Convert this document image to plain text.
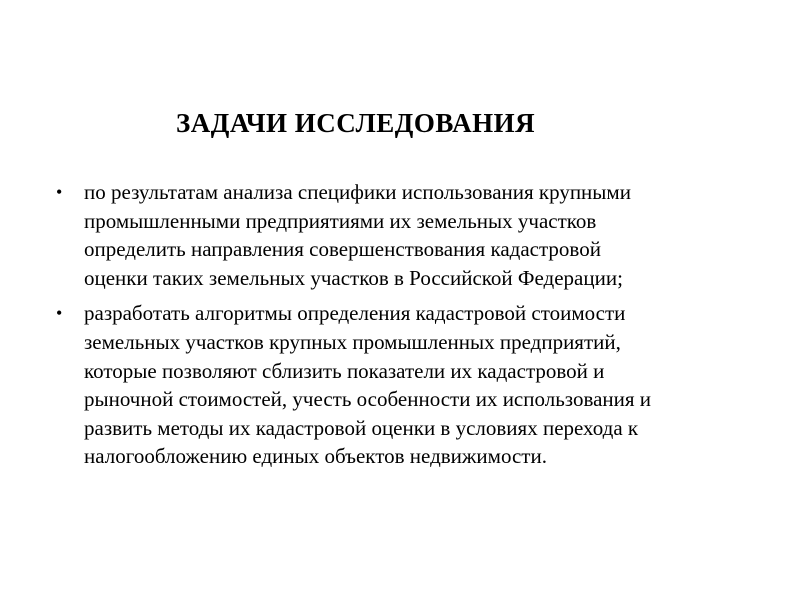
ЗАДАЧИ ИССЛЕДОВАНИЯ
• по результатам анализа специфики использования крупными
промышленными предприятиями их земельных участков
определить направления совершенствования кадастровой
оценки таких земельных участков в Российской Федерации;
• разработать алгоритмы определения кадастровой стоимости
земельных участков крупных промышленных предприятий,
которые позволяют сблизить показатели их кадастровой и
рыночной стоимостей, учесть особенности их использования и
развить методы их кадастровой оценки в условиях перехода к
налогообложению единых объектов недвижимости.
